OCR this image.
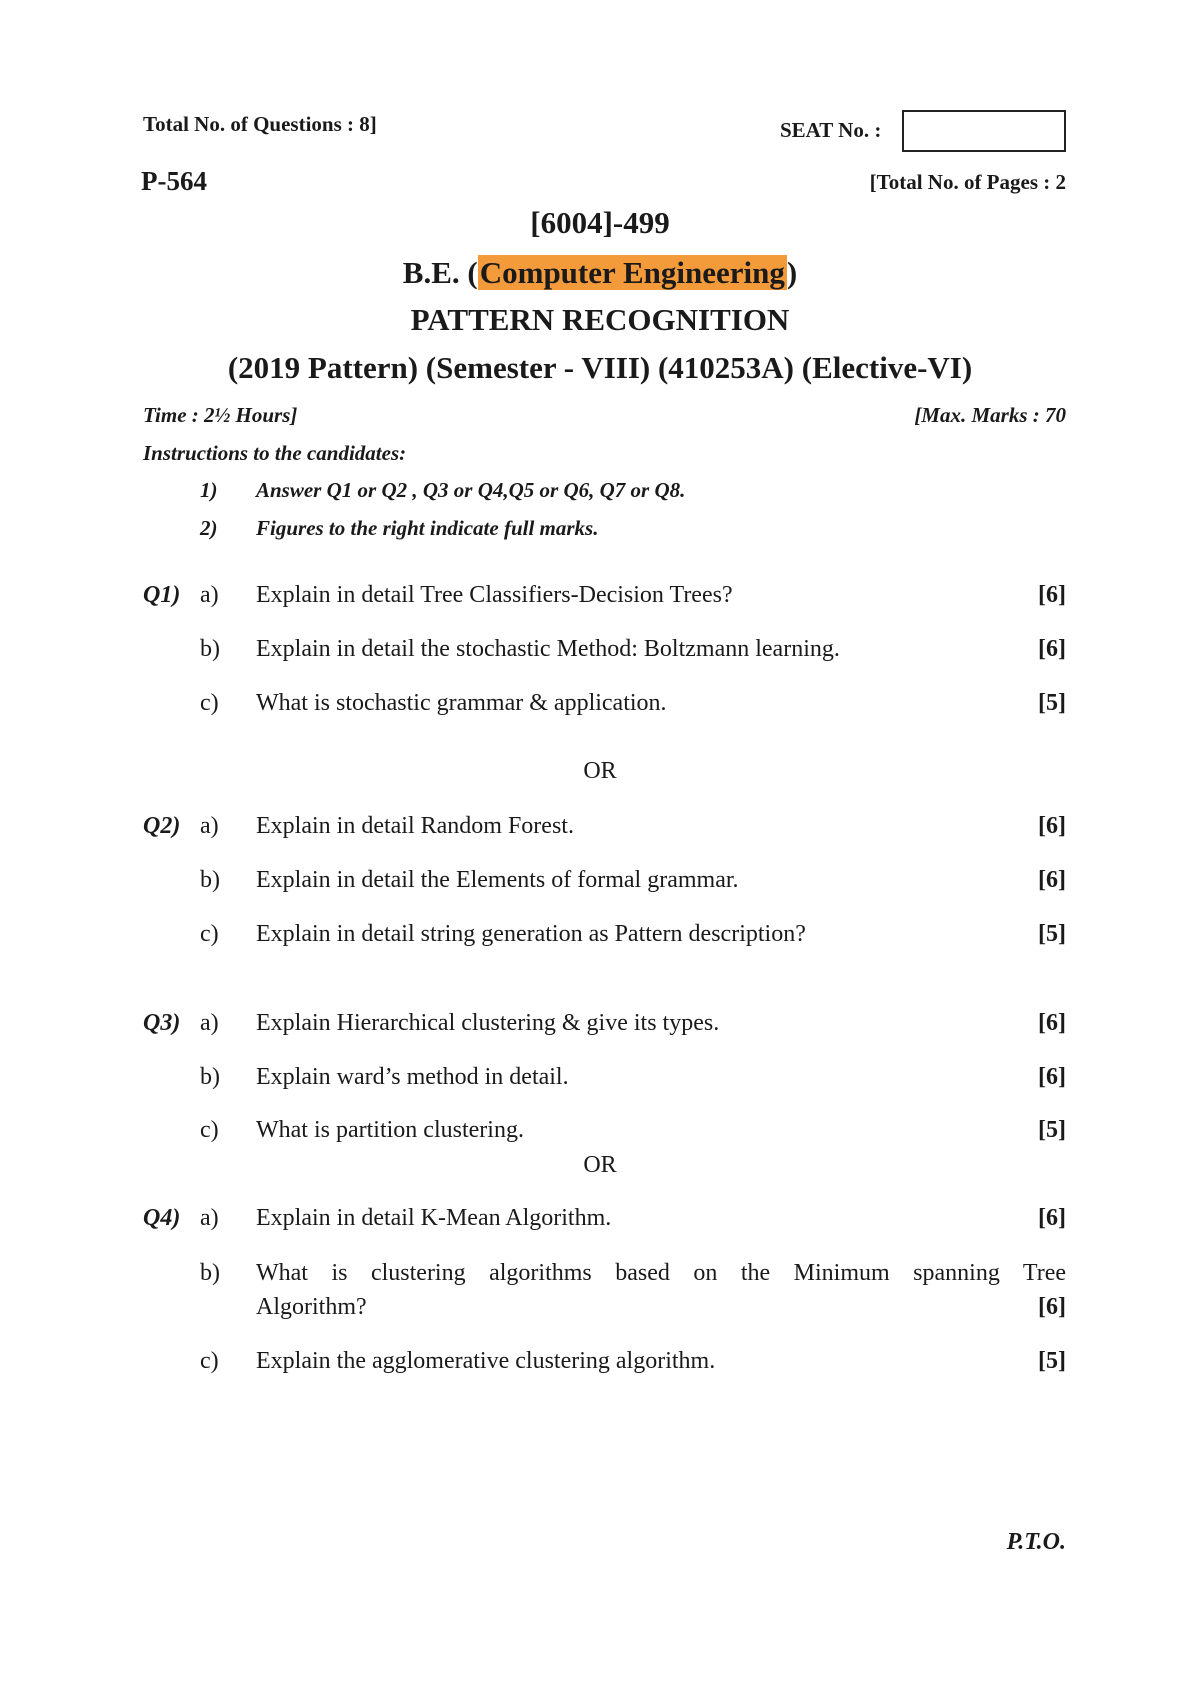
Total No. of Questions : 8]	SEAT No. :
P-564	[Total No. of Pages : 2
[6004]-499
B.E. (Computer Engineering)
PATTERN RECOGNITION
(2019 Pattern) (Semester - VIII) (410253A) (Elective-VI)
Time : 2½ Hours]	[Max. Marks : 70
Instructions to the candidates:
1) Answer Q1 or Q2 , Q3 or Q4,Q5 or Q6, Q7 or Q8.
2) Figures to the right indicate full marks.
Q1) a) Explain in detail Tree Classifiers-Decision Trees?	[6]
b) Explain in detail the stochastic Method: Boltzmann learning.	[6]
c) What is stochastic grammar & application.	[5]
OR
Q2) a) Explain in detail Random Forest.	[6]
b) Explain in detail the Elements of formal grammar.	[6]
c) Explain in detail string generation as Pattern description?	[5]
Q3) a) Explain Hierarchical clustering & give its types.	[6]
b) Explain ward’s method in detail.	[6]
c) What is partition clustering.	[5]
OR
Q4) a) Explain in detail K-Mean Algorithm.	[6]
b) What is clustering algorithms based on the Minimum spanning Tree
Algorithm?	[6]
c) Explain the agglomerative clustering algorithm.	[5]
P.T.O.
